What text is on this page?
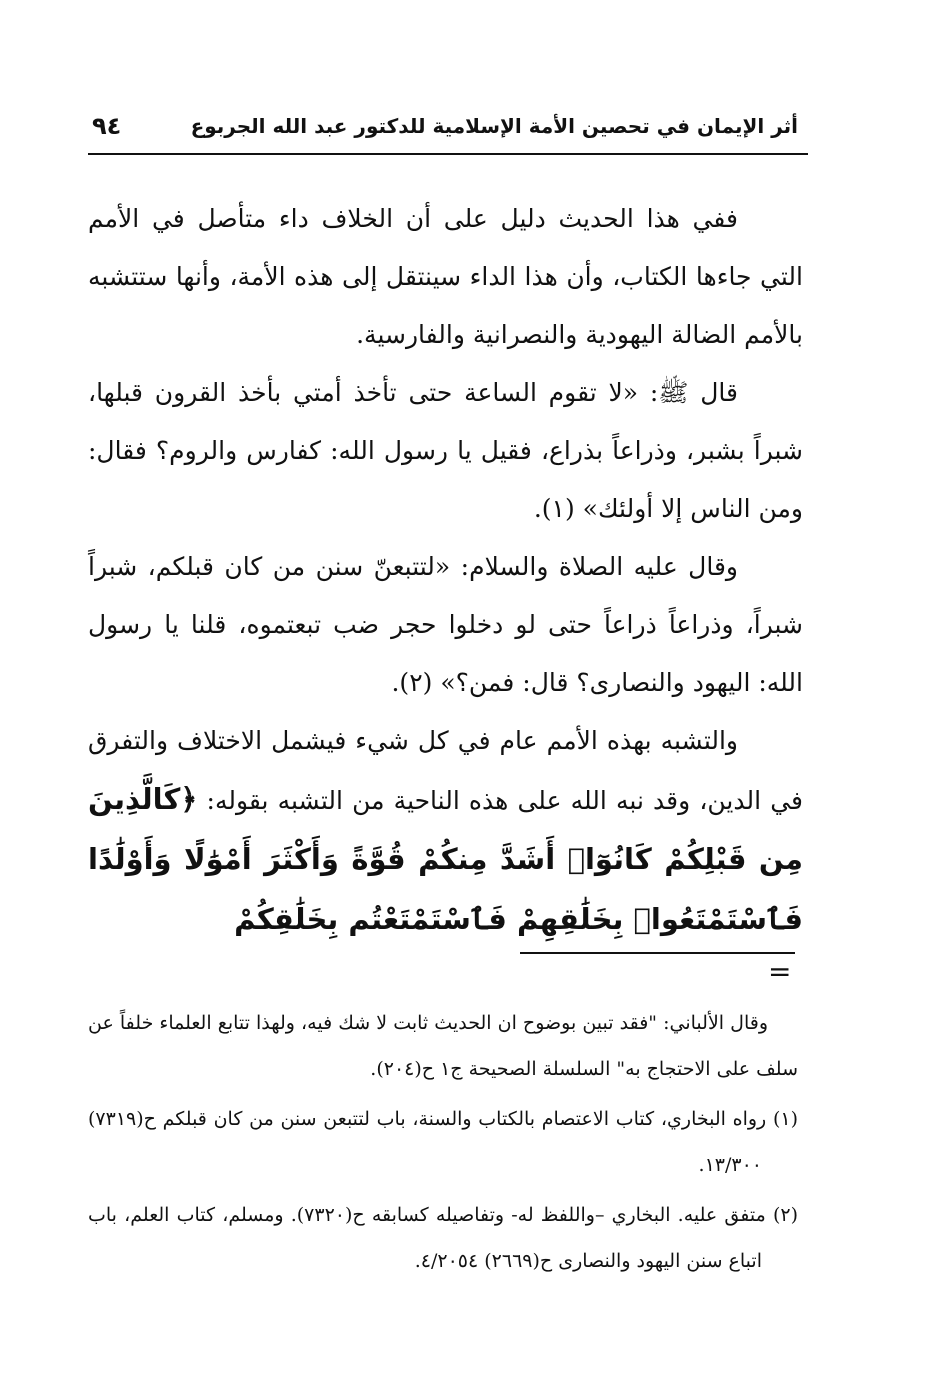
أثر الإيمان في تحصين الأمة الإسلامية للدكتور عبد الله الجربوع
٩٤

ففي هذا الحديث دليل على أن الخلاف داء متأصل في الأمم التي جاءها الكتاب، وأن هذا الداء سينتقل إلى هذه الأمة، وأنها ستتشبه بالأمم الضالة اليهودية والنصرانية والفارسية.

قال ﷺ: «لا تقوم الساعة حتى تأخذ أمتي بأخذ القرون قبلها، شبراً بشبر، وذراعاً بذراع، فقيل يا رسول الله: كفارس والروم؟ فقال: ومن الناس إلا أولئك» (١).

وقال عليه الصلاة والسلام: «لتتبعنّ سنن من كان قبلكم، شبراً شبراً، وذراعاً ذراعاً حتى لو دخلوا حجر ضب تبعتموه، قلنا يا رسول الله: اليهود والنصارى؟ قال: فمن؟» (٢).

والتشبه بهذه الأمم عام في كل شيء فيشمل الاختلاف والتفرق في الدين، وقد نبه الله على هذه الناحية من التشبه بقوله: ﴿كَالَّذِينَ مِن قَبْلِكُمْ كَانُوٓا۟ أَشَدَّ مِنكُمْ قُوَّةً وَأَكْثَرَ أَمْوَٰلًا وَأَوْلَٰدًا فَٱسْتَمْتَعُوا۟ بِخَلَٰقِهِمْ فَٱسْتَمْتَعْتُم بِخَلَٰقِكُمْ

=

وقال الألباني: "فقد تبين بوضوح ان الحديث ثابت لا شك فيه، ولهذا تتابع العلماء خلفاً عن سلف على الاحتجاج به" السلسلة الصحيحة ج١ ح(٢٠٤).

(١) رواه البخاري، كتاب الاعتصام بالكتاب والسنة، باب لتتبعن سنن من كان قبلكم ح(٧٣١٩) ١٣/٣٠٠.

(٢) متفق عليه. البخاري –واللفظ له- وتفاصيله كسابقه ح(٧٣٢٠). ومسلم، كتاب العلم، باب اتباع سنن اليهود والنصارى ح(٢٦٦٩) ٤/٢٠٥٤.
